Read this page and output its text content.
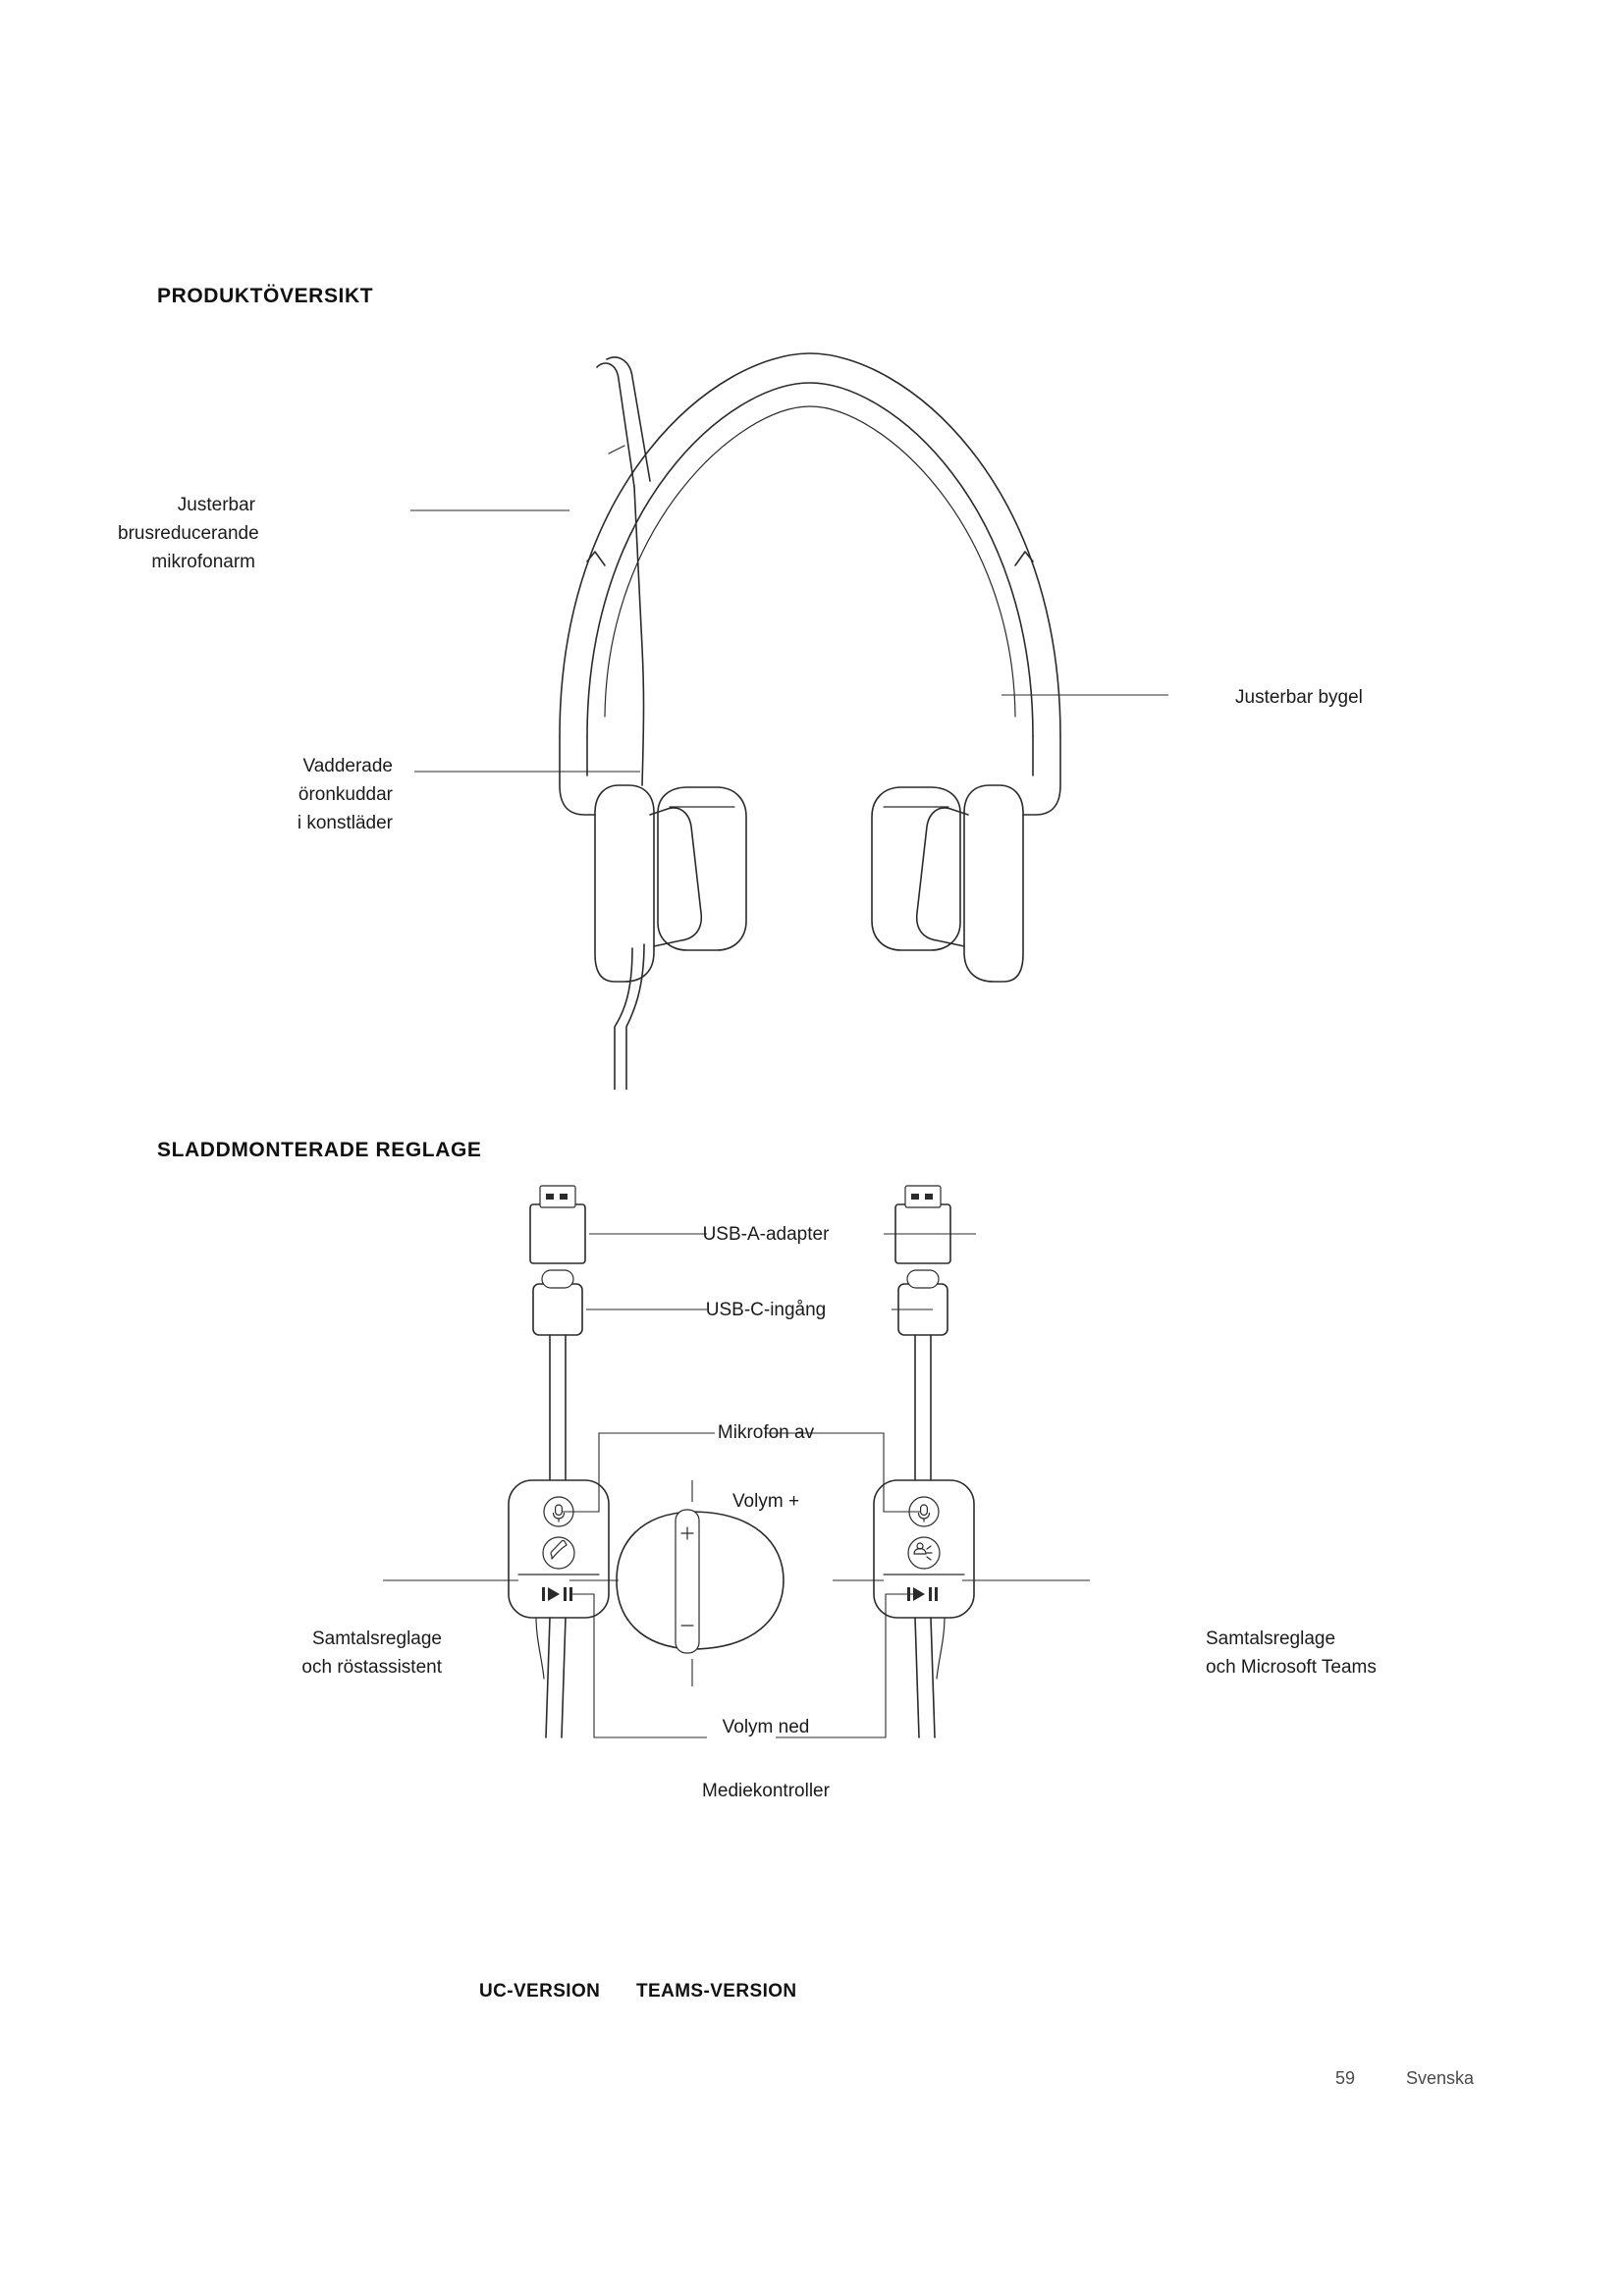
PRODUKTÖVERSIKT
Justerbar
brusreducerande
mikrofonarm
Vadderade
öronkuddar
i konstläder
Justerbar bygel
SLADDMONTERADE REGLAGE
USB-A-adapter
USB-C-ingång
Mikrofon av
Volym +
Volym ned
Mediekontroller
Samtalsreglage
och röstassistent
Samtalsreglage
och Microsoft Teams
UC-VERSION TEAMS-VERSION
59	Svenska
